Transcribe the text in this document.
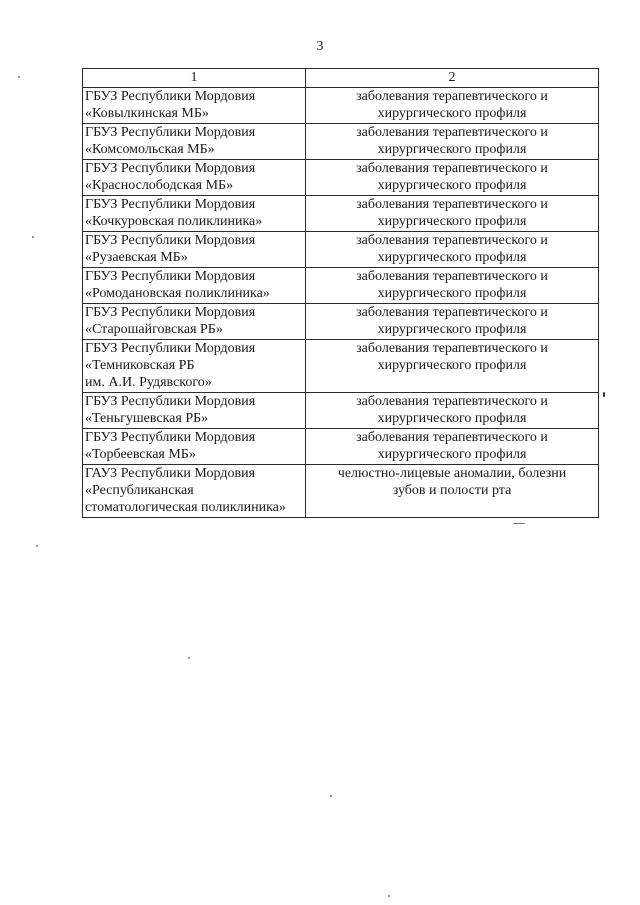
3
1	2

ГБУЗ Республики Мордовия
«Ковылкинская МБ»	заболевания терапевтического и
хирургического профиля

ГБУЗ Республики Мордовия
«Комсомольская МБ»	заболевания терапевтического и
хирургического профиля

ГБУЗ Республики Мордовия
«Краснослободская МБ»	заболевания терапевтического и
хирургического профиля

ГБУЗ Республики Мордовия
«Кочкуровская поликлиника»	заболевания терапевтического и
хирургического профиля

ГБУЗ Республики Мордовия
«Рузаевская МБ»	заболевания терапевтического и
хирургического профиля

ГБУЗ Республики Мордовия
«Ромодановская поликлиника»	заболевания терапевтического и
хирургического профиля

ГБУЗ Республики Мордовия
«Старошайговская РБ»	заболевания терапевтического и
хирургического профиля

ГБУЗ Республики Мордовия
«Темниковская РБ
им. А.И. Рудявского»	заболевания терапевтического и
хирургического профиля

ГБУЗ Республики Мордовия
«Теньгушевская РБ»	заболевания терапевтического и
хирургического профиля

ГБУЗ Республики Мордовия
«Торбеевская МБ»	заболевания терапевтического и
хирургического профиля

ГАУЗ Республики Мордовия
«Республиканская
стоматологическая поликлиника»	челюстно-лицевые аномалии, болезни
зубов и полости рта
